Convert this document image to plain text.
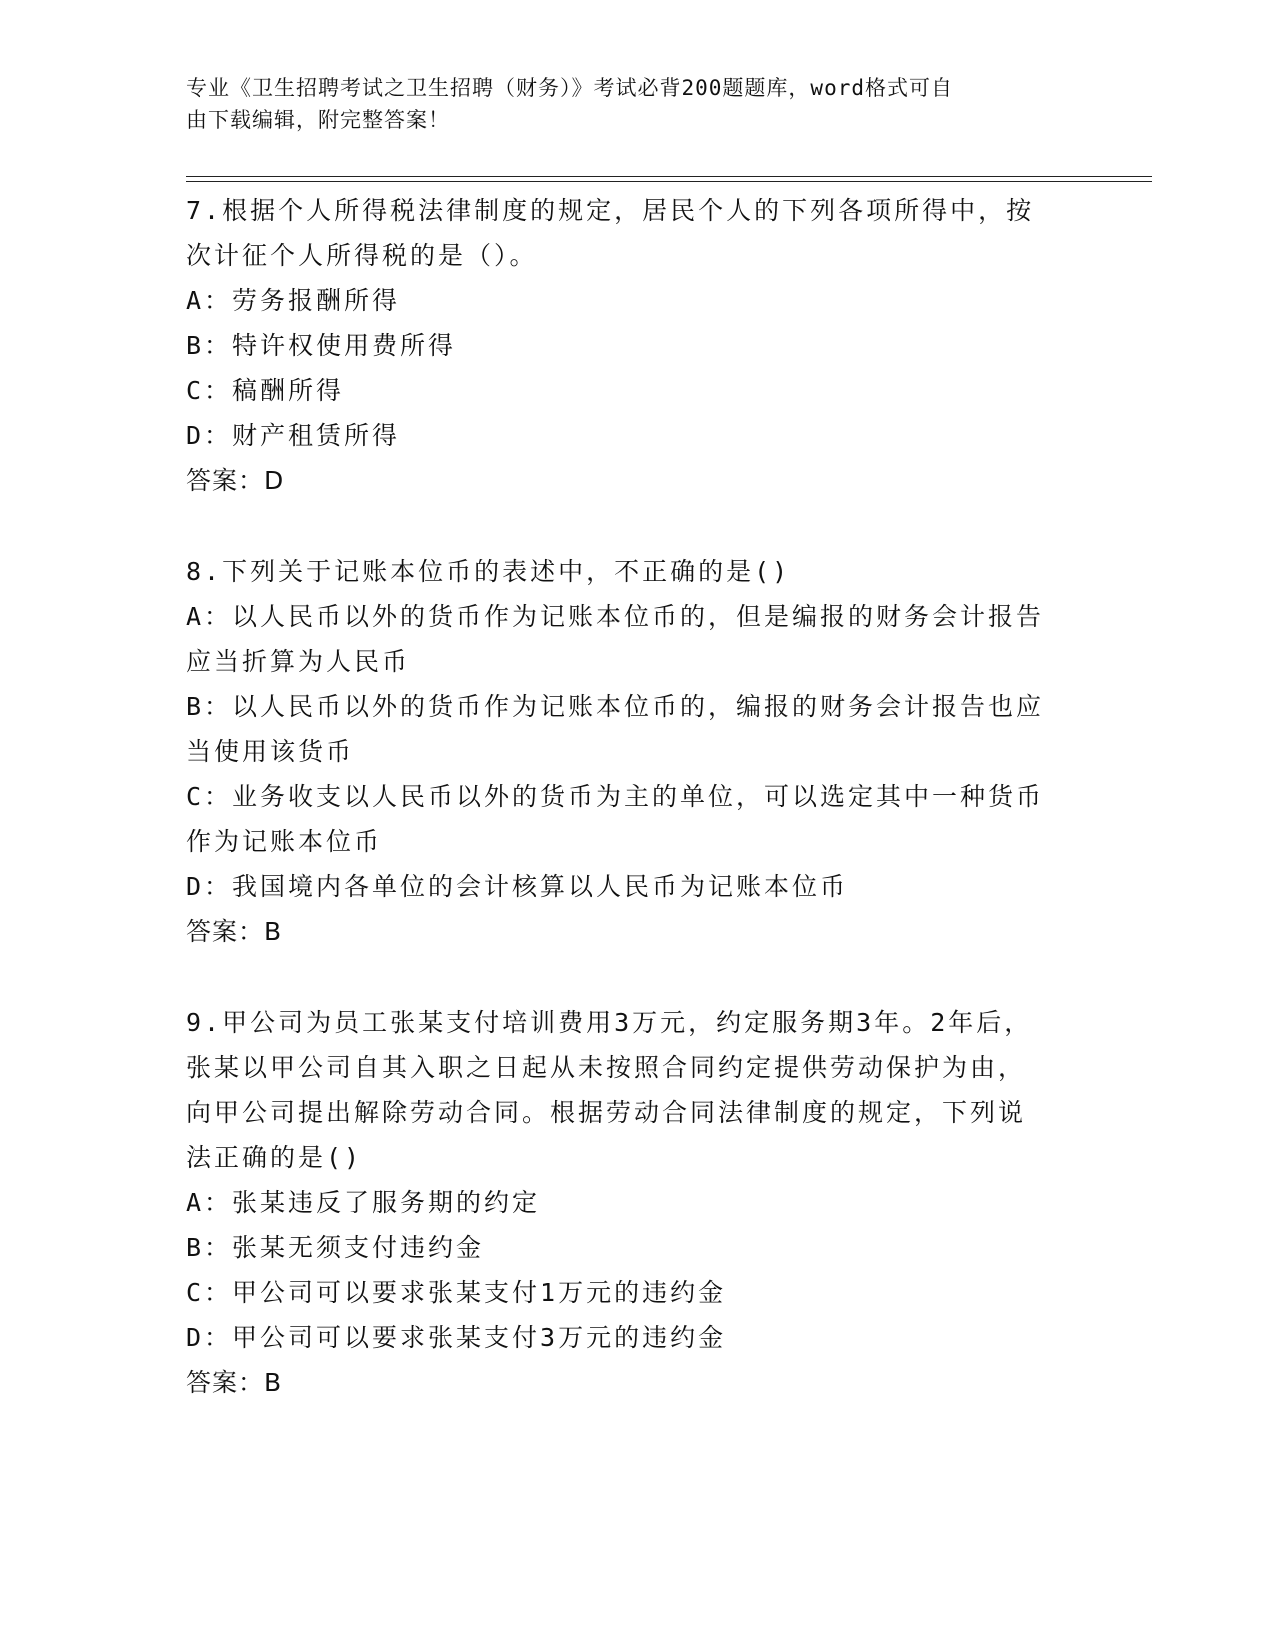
专业《卫生招聘考试之卫生招聘（财务）》考试必背200题题库，word格式可自
由下载编辑，附完整答案！
7.根据个人所得税法律制度的规定，居民个人的下列各项所得中，按
次计征个人所得税的是（）。
A：劳务报酬所得
B：特许权使用费所得
C：稿酬所得
D：财产租赁所得
答案：D
8.下列关于记账本位币的表述中，不正确的是()
A：以人民币以外的货币作为记账本位币的，但是编报的财务会计报告
应当折算为人民币
B：以人民币以外的货币作为记账本位币的，编报的财务会计报告也应
当使用该货币
C：业务收支以人民币以外的货币为主的单位，可以选定其中一种货币
作为记账本位币
D：我国境内各单位的会计核算以人民币为记账本位币
答案：B
9.甲公司为员工张某支付培训费用3万元，约定服务期3年。2年后，
张某以甲公司自其入职之日起从未按照合同约定提供劳动保护为由，
向甲公司提出解除劳动合同。根据劳动合同法律制度的规定，下列说
法正确的是()
A：张某违反了服务期的约定
B：张某无须支付违约金
C：甲公司可以要求张某支付1万元的违约金
D：甲公司可以要求张某支付3万元的违约金
答案：B
